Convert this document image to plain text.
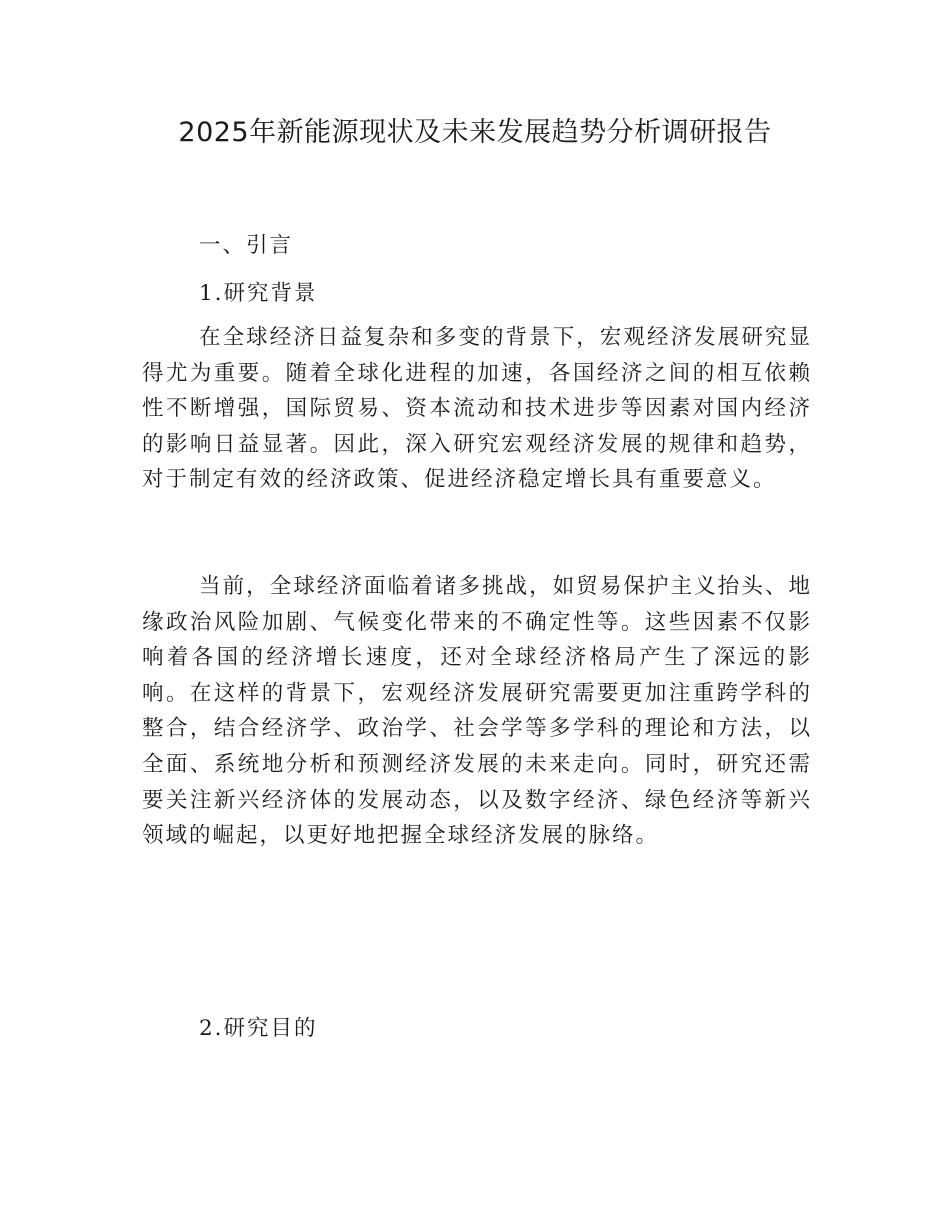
2025年新能源现状及未来发展趋势分析调研报告
一、引言
1.研究背景

在全球经济日益复杂和多变的背景下，宏观经济发展研究显得尤为重要。随着全球化进程的加速，各国经济之间的相互依赖性不断增强，国际贸易、资本流动和技术进步等因素对国内经济的影响日益显著。因此，深入研究宏观经济发展的规律和趋势，对于制定有效的经济政策、促进经济稳定增长具有重要意义。

当前，全球经济面临着诸多挑战，如贸易保护主义抬头、地缘政治风险加剧、气候变化带来的不确定性等。这些因素不仅影响着各国的经济增长速度，还对全球经济格局产生了深远的影响。在这样的背景下，宏观经济发展研究需要更加注重跨学科的整合，结合经济学、政治学、社会学等多学科的理论和方法，以全面、系统地分析和预测经济发展的未来走向。同时，研究还需要关注新兴经济体的发展动态，以及数字经济、绿色经济等新兴领域的崛起，以更好地把握全球经济发展的脉络。

2.研究目的
